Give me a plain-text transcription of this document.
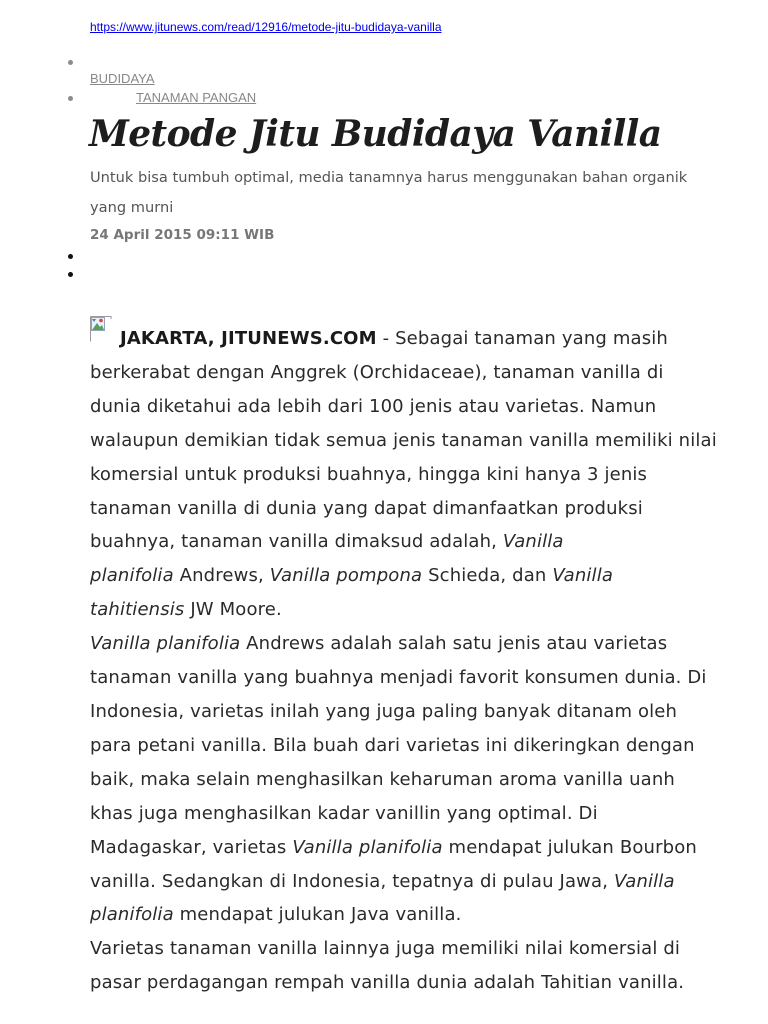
https://www.jitunews.com/read/12916/metode-jitu-budidaya-vanilla
BUDIDAYA
TANAMAN PANGAN
Metode Jitu Budidaya Vanilla
Untuk bisa tumbuh optimal, media tanamnya harus menggunakan bahan organik
yang murni
24 April 2015 09:11 WIB
JAKARTA, JITUNEWS.COM - Sebagai tanaman yang masih
berkerabat dengan Anggrek (Orchidaceae), tanaman vanilla di
dunia diketahui ada lebih dari 100 jenis atau varietas. Namun
walaupun demikian tidak semua jenis tanaman vanilla memiliki nilai
komersial untuk produksi buahnya, hingga kini hanya 3 jenis
tanaman vanilla di dunia yang dapat dimanfaatkan produksi
buahnya, tanaman vanilla dimaksud adalah, Vanilla
planifolia Andrews, Vanilla pompona Schieda, dan Vanilla
tahitiensis JW Moore.
Vanilla planifolia Andrews adalah salah satu jenis atau varietas
tanaman vanilla yang buahnya menjadi favorit konsumen dunia. Di
Indonesia, varietas inilah yang juga paling banyak ditanam oleh
para petani vanilla. Bila buah dari varietas ini dikeringkan dengan
baik, maka selain menghasilkan keharuman aroma vanilla uanh
khas juga menghasilkan kadar vanillin yang optimal. Di
Madagaskar, varietas Vanilla planifolia mendapat julukan Bourbon
vanilla. Sedangkan di Indonesia, tepatnya di pulau Jawa, Vanilla
planifolia mendapat julukan Java vanilla.
Varietas tanaman vanilla lainnya juga memiliki nilai komersial di
pasar perdagangan rempah vanilla dunia adalah Tahitian vanilla.
